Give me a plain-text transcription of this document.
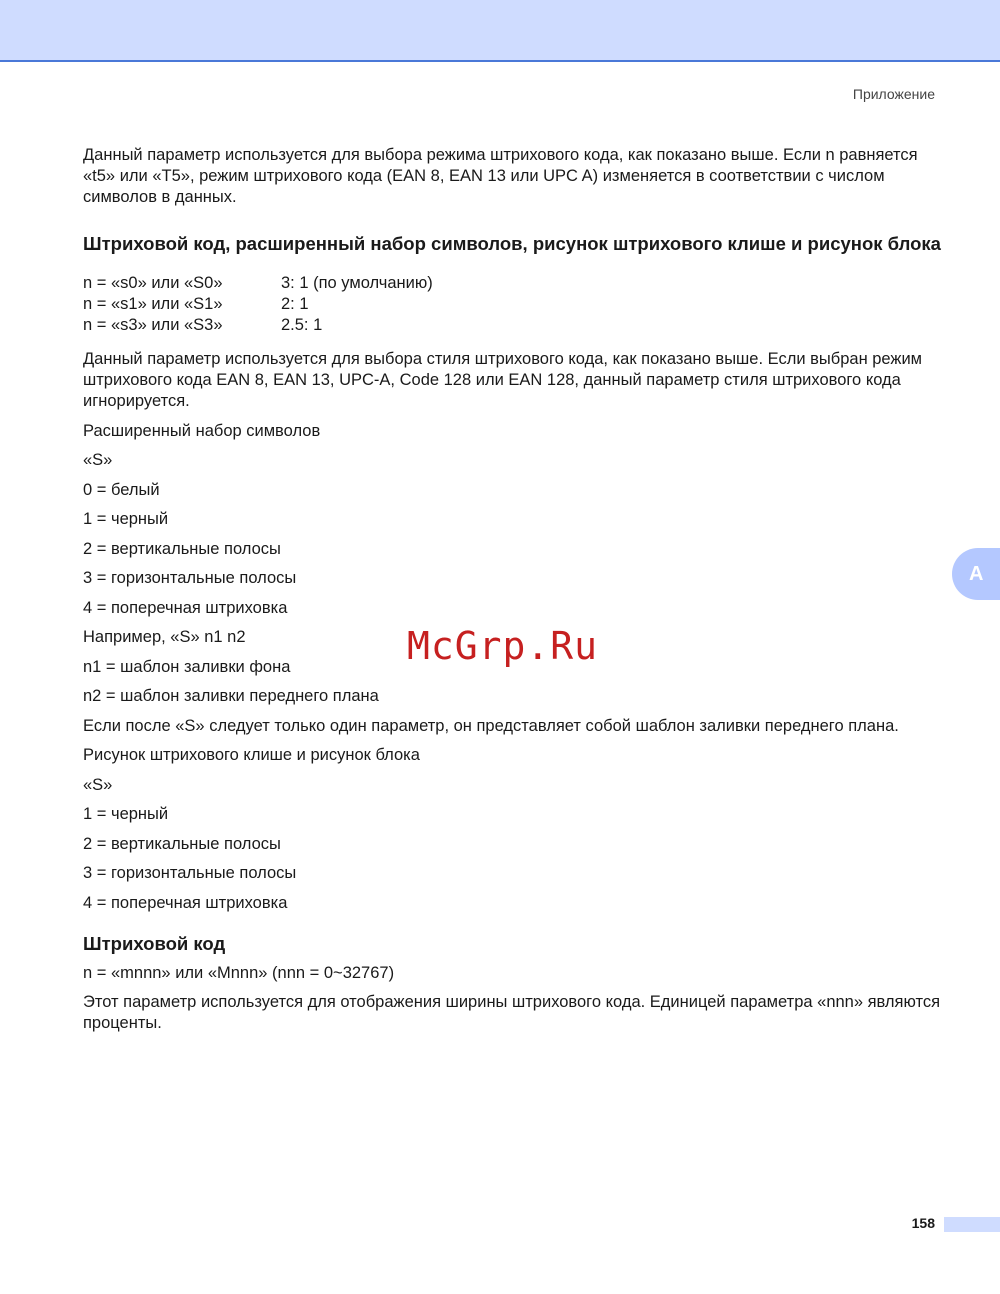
Приложение

Данный параметр используется для выбора режима штрихового кода, как показано выше. Если n равняется «t5» или «T5», режим штрихового кода (EAN 8, EAN 13 или UPC A) изменяется в соответствии с числом символов в данных.

Штриховой код, расширенный набор символов, рисунок штрихового клише и рисунок блока
n = «s0» или «S0»	3: 1 (по умолчанию)
n = «s1» или «S1»	2: 1
n = «s3» или «S3»	2.5: 1

Данный параметр используется для выбора стиля штрихового кода, как показано выше. Если выбран режим штрихового кода EAN 8, EAN 13, UPC-A, Code 128 или EAN 128, данный параметр стиля штрихового кода игнорируется.

Расширенный набор символов

«S»

0 = белый

1 = черный

2 = вертикальные полосы

3 = горизонтальные полосы

4 = поперечная штриховка

Например, «S» n1 n2

n1 = шаблон заливки фона

n2 = шаблон заливки переднего плана

Если после «S» следует только один параметр, он представляет собой шаблон заливки переднего плана.

Рисунок штрихового клише и рисунок блока

«S»

1 = черный

2 = вертикальные полосы

3 = горизонтальные полосы

4 = поперечная штриховка

Штриховой код

n = «mnnn» или «Mnnn» (nnn = 0~32767)

Этот параметр используется для отображения ширины штрихового кода. Единицей параметра «nnn» являются проценты.

A
McGrp.Ru
158
